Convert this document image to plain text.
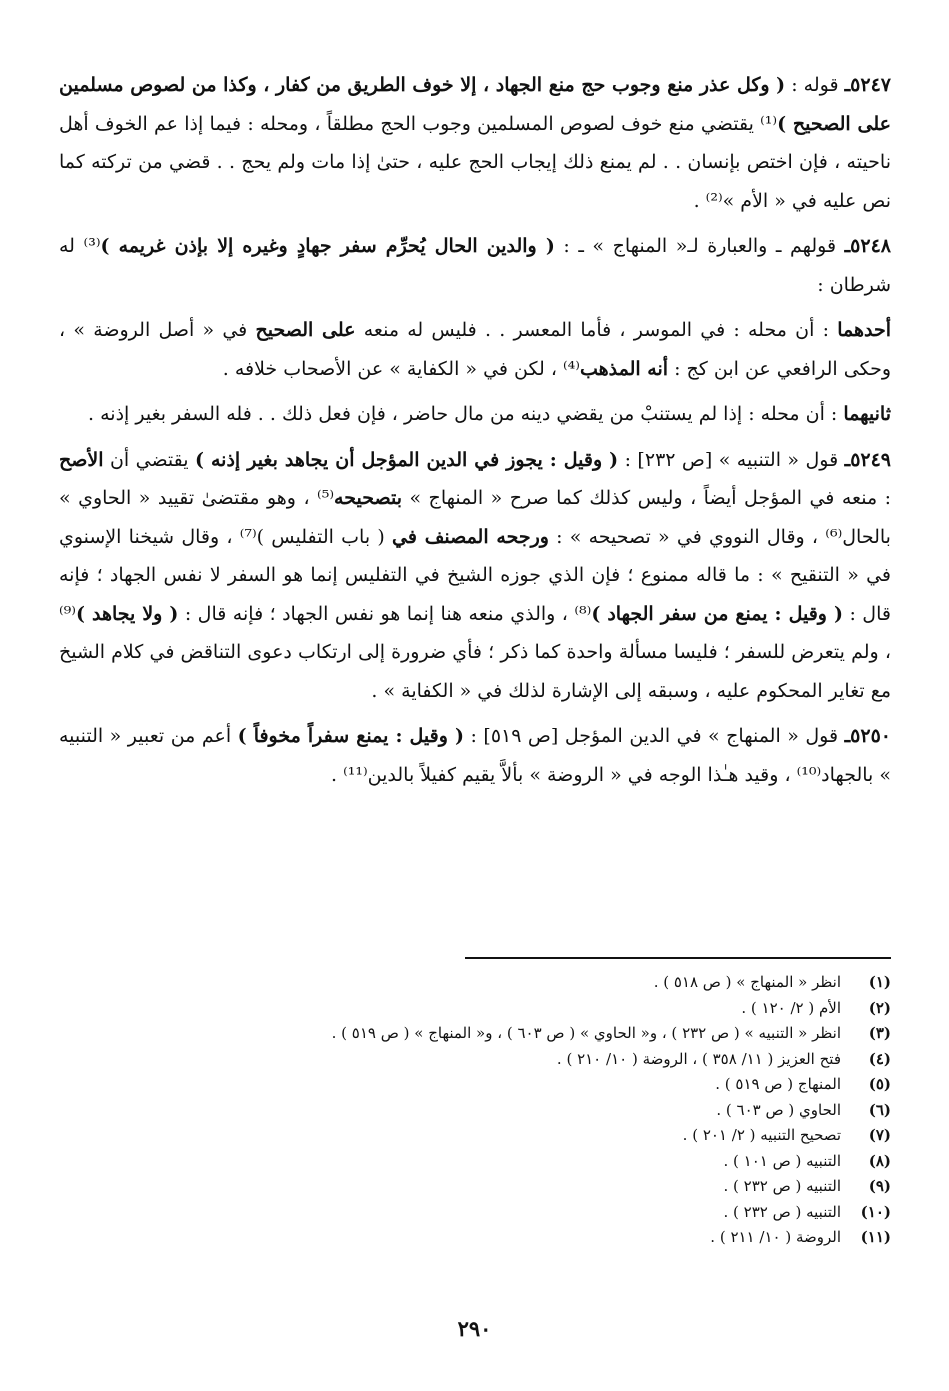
٥٢٤٧ـ قوله : ( وكل عذر منع وجوب حج منع الجهاد ، إلا خوف الطريق من كفار ، وكذا من لصوص مسلمين على الصحيح )⁽¹⁾ يقتضي منع خوف لصوص المسلمين وجوب الحج مطلقاً ، ومحله : فيما إذا عم الخوف أهل ناحيته ، فإن اختص بإنسان . . لم يمنع ذلك إيجاب الحج عليه ، حتىٰ إذا مات ولم يحج . . قضي من تركته كما نص عليه في « الأم »⁽²⁾ .

٥٢٤٨ـ قولهم ـ والعبارة لـ« المنهاج » ـ : ( والدين الحال يُحرِّم سفر جهادٍ وغيره إلا بإذن غريمه )⁽³⁾ له شرطان :

أحدهما : أن محله : في الموسر ، فأما المعسر . . فليس له منعه على الصحيح في « أصل الروضة » ، وحكى الرافعي عن ابن كج : أنه المذهب⁽⁴⁾ ، لكن في « الكفاية » عن الأصحاب خلافه .

ثانيهما : أن محله : إذا لم يستنبْ من يقضي دينه من مال حاضر ، فإن فعل ذلك . . فله السفر بغير إذنه .

٥٢٤٩ـ قول « التنبيه » [ص ٢٣٢] : ( وقيل : يجوز في الدين المؤجل أن يجاهد بغير إذنه ) يقتضي أن الأصح : منعه في المؤجل أيضاً ، وليس كذلك كما صرح « المنهاج » بتصحيحه⁽⁵⁾ ، وهو مقتضىٰ تقييد « الحاوي » بالحال⁽⁶⁾ ، وقال النووي في « تصحيحه » : ورجحه المصنف في ( باب التفليس )⁽⁷⁾ ، وقال شيخنا الإسنوي في « التنقيح » : ما قاله ممنوع ؛ فإن الذي جوزه الشيخ في التفليس إنما هو السفر لا نفس الجهاد ؛ فإنه قال : ( وقيل : يمنع من سفر الجهاد )⁽⁸⁾ ، والذي منعه هنا إنما هو نفس الجهاد ؛ فإنه قال : ( ولا يجاهد )⁽⁹⁾ ، ولم يتعرض للسفر ؛ فليسا مسألة واحدة كما ذكر ؛ فأي ضرورة إلى ارتكاب دعوى التناقض في كلام الشيخ مع تغاير المحكوم عليه ، وسبقه إلى الإشارة لذلك في « الكفاية » .

٥٢٥٠ـ قول « المنهاج » في الدين المؤجل [ص ٥١٩] : ( وقيل : يمنع سفراً مخوفاً ) أعم من تعبير « التنبيه » بالجهاد⁽¹⁰⁾ ، وقيد هـٰذا الوجه في « الروضة » بألاَّ يقيم كفيلاً بالدين⁽¹¹⁾ .

(١)
انظر « المنهاج » ( ص ٥١٨ ) .
(٢)
الأم ( ٢/ ١٢٠ ) .
(٣)
انظر « التنبيه » ( ص ٢٣٢ ) ، و« الحاوي » ( ص ٦٠٣ ) ، و« المنهاج » ( ص ٥١٩ ) .
(٤)
فتح العزيز ( ١١/ ٣٥٨ ) ، الروضة ( ١٠/ ٢١٠ ) .
(٥)
المنهاج ( ص ٥١٩ ) .
(٦)
الحاوي ( ص ٦٠٣ ) .
(٧)
تصحيح التنبيه ( ٢/ ٢٠١ ) .
(٨)
التنبيه ( ص ١٠١ ) .
(٩)
التنبيه ( ص ٢٣٢ ) .
(١٠)
التنبيه ( ص ٢٣٢ ) .
(١١)
الروضة ( ١٠/ ٢١١ ) .
٢٩٠
